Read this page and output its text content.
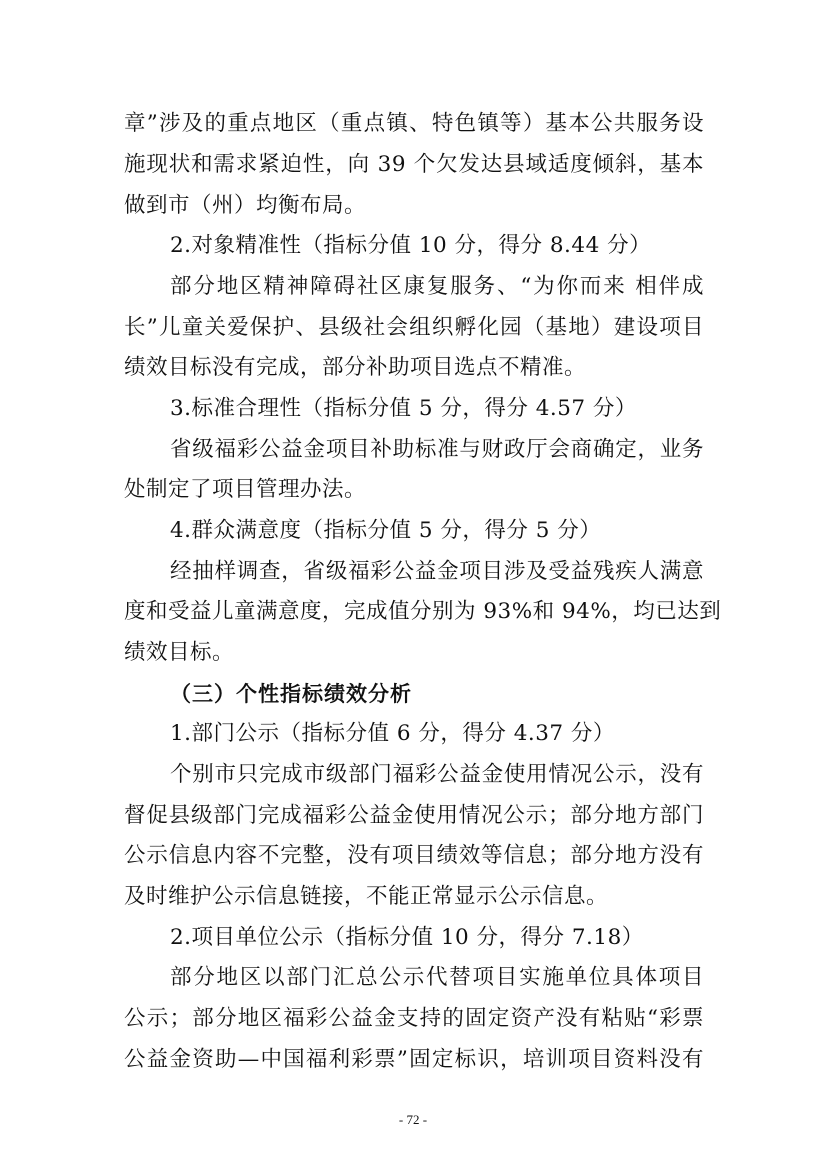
章”涉及的重点地区（重点镇、特色镇等）基本公共服务设
施现状和需求紧迫性，向 39 个欠发达县域适度倾斜，基本
做到市（州）均衡布局。
2.对象精准性（指标分值 10 分，得分 8.44 分）
部分地区精神障碍社区康复服务、“为你而来 相伴成
长”儿童关爱保护、县级社会组织孵化园（基地）建设项目
绩效目标没有完成，部分补助项目选点不精准。
3.标准合理性（指标分值 5 分，得分 4.57 分）
省级福彩公益金项目补助标准与财政厅会商确定，业务
处制定了项目管理办法。
4.群众满意度（指标分值 5 分，得分 5 分）
经抽样调查，省级福彩公益金项目涉及受益残疾人满意
度和受益儿童满意度，完成值分别为 93%和 94%，均已达到
绩效目标。
（三）个性指标绩效分析
1.部门公示（指标分值 6 分，得分 4.37 分）
个别市只完成市级部门福彩公益金使用情况公示，没有
督促县级部门完成福彩公益金使用情况公示；部分地方部门
公示信息内容不完整，没有项目绩效等信息；部分地方没有
及时维护公示信息链接，不能正常显示公示信息。
2.项目单位公示（指标分值 10 分，得分 7.18）
部分地区以部门汇总公示代替项目实施单位具体项目
公示；部分地区福彩公益金支持的固定资产没有粘贴“彩票
公益金资助—中国福利彩票”固定标识，培训项目资料没有
- 72 -
